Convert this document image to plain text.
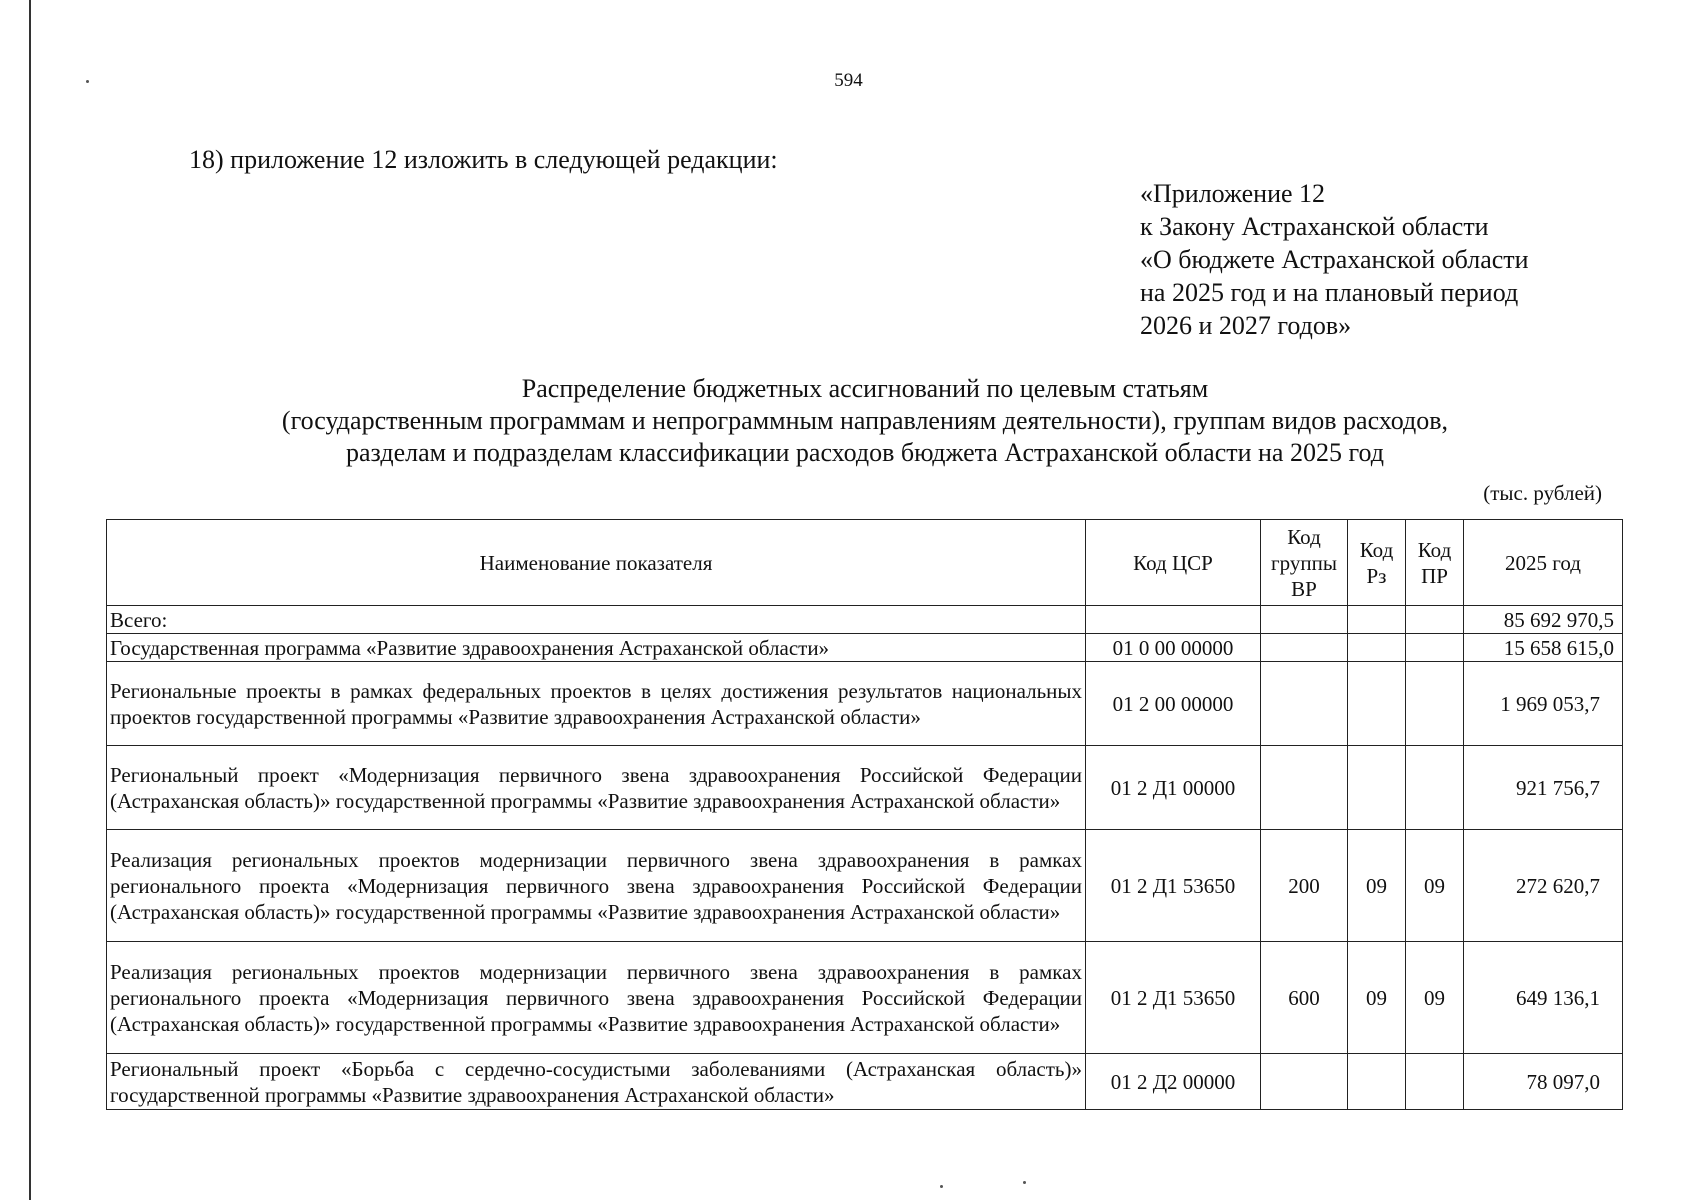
594
18) приложение 12 изложить в следующей редакции:
«Приложение 12
к Закону Астраханской области
«О бюджете Астраханской области
на 2025 год и на плановый период
2026 и 2027 годов»
Распределение бюджетных ассигнований по целевым статьям
(государственным программам и непрограммным направлениям деятельности), группам видов расходов,
разделам и подразделам классификации расходов бюджета Астраханской области на 2025 год
(тыс. рублей)
Наименование показателя	Код ЦСР	Код группы ВР	Код Рз	Код ПР	2025 год
Всего:					85 692 970,5
Государственная программа «Развитие здравоохранения Астраханской области»	01 0 00 00000				15 658 615,0
Региональные проекты в рамках федеральных проектов в целях достижения результатов национальных проектов государственной программы «Развитие здравоохранения Астраханской области»	01 2 00 00000				1 969 053,7
Региональный проект «Модернизация первичного звена здравоохранения Российской Федерации (Астраханская область)» государственной программы «Развитие здравоохранения Астраханской области»	01 2 Д1 00000				921 756,7
Реализация региональных проектов модернизации первичного звена здравоохранения в рамках регионального проекта «Модернизация первичного звена здравоохранения Российской Федерации (Астраханская область)» государственной программы «Развитие здравоохранения Астраханской области»	01 2 Д1 53650	200	09	09	272 620,7
Реализация региональных проектов модернизации первичного звена здравоохранения в рамках регионального проекта «Модернизация первичного звена здравоохранения Российской Федерации (Астраханская область)» государственной программы «Развитие здравоохранения Астраханской области»	01 2 Д1 53650	600	09	09	649 136,1
Региональный проект «Борьба с сердечно-сосудистыми заболеваниями (Астраханская область)» государственной программы «Развитие здравоохранения Астраханской области»	01 2 Д2 00000				78 097,0
